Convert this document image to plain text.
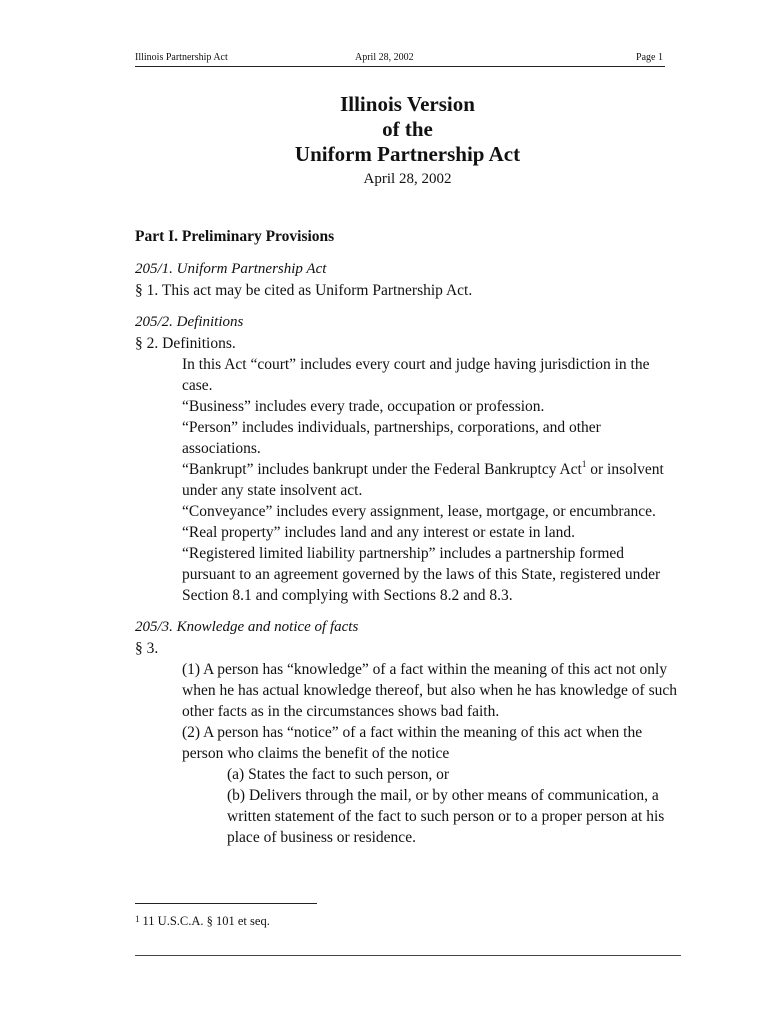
Illinois Partnership Act	April 28, 2002	Page 1
Illinois Version
of the
Uniform Partnership Act
April 28, 2002
Part I. Preliminary Provisions
205/1. Uniform Partnership Act
§ 1. This act may be cited as Uniform Partnership Act.
205/2. Definitions
§ 2. Definitions.

In this Act “court” includes every court and judge having jurisdiction in the case.

“Business” includes every trade, occupation or profession.

“Person” includes individuals, partnerships, corporations, and other associations.

“Bankrupt” includes bankrupt under the Federal Bankruptcy Act$^1$ or insolvent under any state insolvent act.

“Conveyance” includes every assignment, lease, mortgage, or encumbrance.

“Real property” includes land and any interest or estate in land.

“Registered limited liability partnership” includes a partnership formed pursuant to an agreement governed by the laws of this State, registered under Section 8.1 and complying with Sections 8.2 and 8.3.

205/3. Knowledge and notice of facts
§ 3.

(1) A person has “knowledge” of a fact within the meaning of this act not only when he has actual knowledge thereof, but also when he has knowledge of such other facts as in the circumstances shows bad faith.

(2) A person has “notice” of a fact within the meaning of this act when the person who claims the benefit of the notice

(a) States the fact to such person, or

(b) Delivers through the mail, or by other means of communication, a written statement of the fact to such person or to a proper person at his place of business or residence.

$^1$ 11 U.S.C.A. § 101 et seq.
